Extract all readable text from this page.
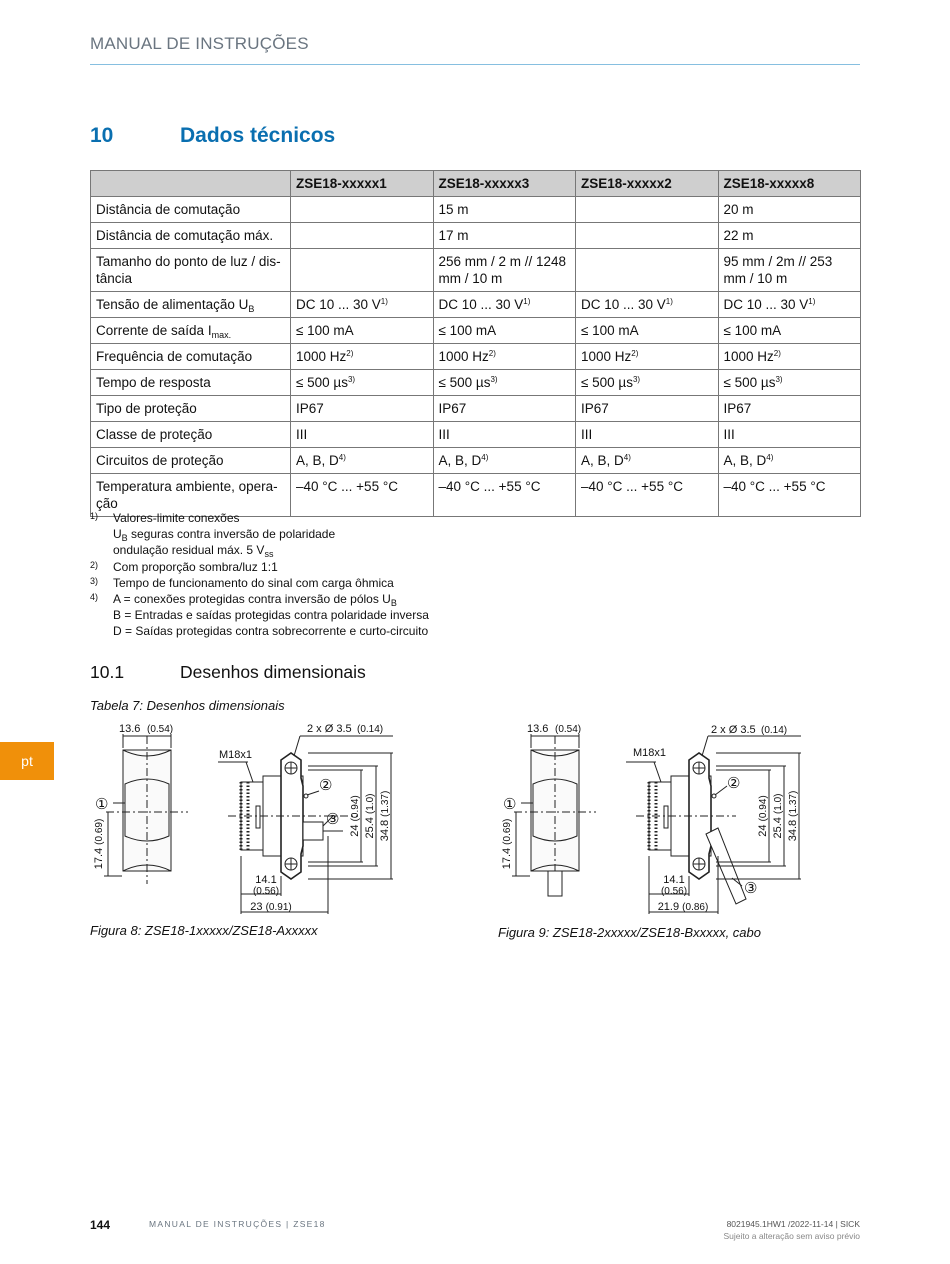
MANUAL DE INSTRUÇÕES
10	Dados técnicos
	ZSE18-xxxxx1	ZSE18-xxxxx3	ZSE18-xxxxx2	ZSE18-xxxxx8
Distância de comutação		15 m		20 m
Distância de comutação máx.		17 m		22 m
Tamanho do ponto de luz / dis-tância		256 mm / 2 m // 1248 mm / 10 m		95 mm / 2m // 253 mm / 10 m
Tensão de alimentação $U_B$	DC 10 ... 30 $V^{1)}$	DC 10 ... 30 $V^{1)}$	DC 10 ... 30 $V^{1)}$	DC 10 ... 30 $V^{1)}$
Corrente de saída $I_{max.}$	≤ 100 mA	≤ 100 mA	≤ 100 mA	≤ 100 mA
Frequência de comutação	1000 Hz$^{2)}$	1000 Hz$^{2)}$	1000 Hz$^{2)}$	1000 Hz$^{2)}$
Tempo de resposta	≤ 500 µs$^{3)}$	≤ 500 µs$^{3)}$	≤ 500 µs$^{3)}$	≤ 500 µs$^{3)}$
Tipo de proteção	IP67	IP67	IP67	IP67
Classe de proteção	III	III	III	III
Circuitos de proteção	A, B, $D^{4)}$	A, B, $D^{4)}$	A, B, $D^{4)}$	A, B, $D^{4)}$
Temperatura ambiente, opera-ção	–40 °C ... +55 °C	–40 °C ... +55 °C	–40 °C ... +55 °C	–40 °C ... +55 °C
1)	Valores-limite conexões
$U_B$ seguras contra inversão de polaridade
ondulação residual máx. 5 $V_{ss}$
2)	Com proporção sombra/luz 1:1
3)	Tempo de funcionamento do sinal com carga ôhmica
4)	A = conexões protegidas contra inversão de pólos $U_B$
B = Entradas e saídas protegidas contra polaridade inversa
D = Saídas protegidas contra sobrecorrente e curto-circuito
10.1	Desenhos dimensionais
Tabela 7: Desenhos dimensionais
13.6 (0.54)	2 x Ø 3.5 (0.14)
M18x1
①
②
③
17.4 (0.69)	24 (0.94)
25.4 (1.0)
34.8 (1.37)
14.1
(0.56)
23 (0.91)
Figura 8: ZSE18-1xxxxx/ZSE18-Axxxxx
13.6 (0.54)	2 x Ø 3.5 (0.14)
M18x1
①
②
③
17.4 (0.69)	24 (0.94)
25.4 (1.0)
34.8 (1.37)
14.1
(0.56)
21.9 (0.86)
Figura 9: ZSE18-2xxxxx/ZSE18-Bxxxxx, cabo
pt
144	MANUAL DE INSTRUÇÕES | ZSE18	8021945.1HW1 /2022-11-14 | SICK
Sujeito a alteração sem aviso prévio
